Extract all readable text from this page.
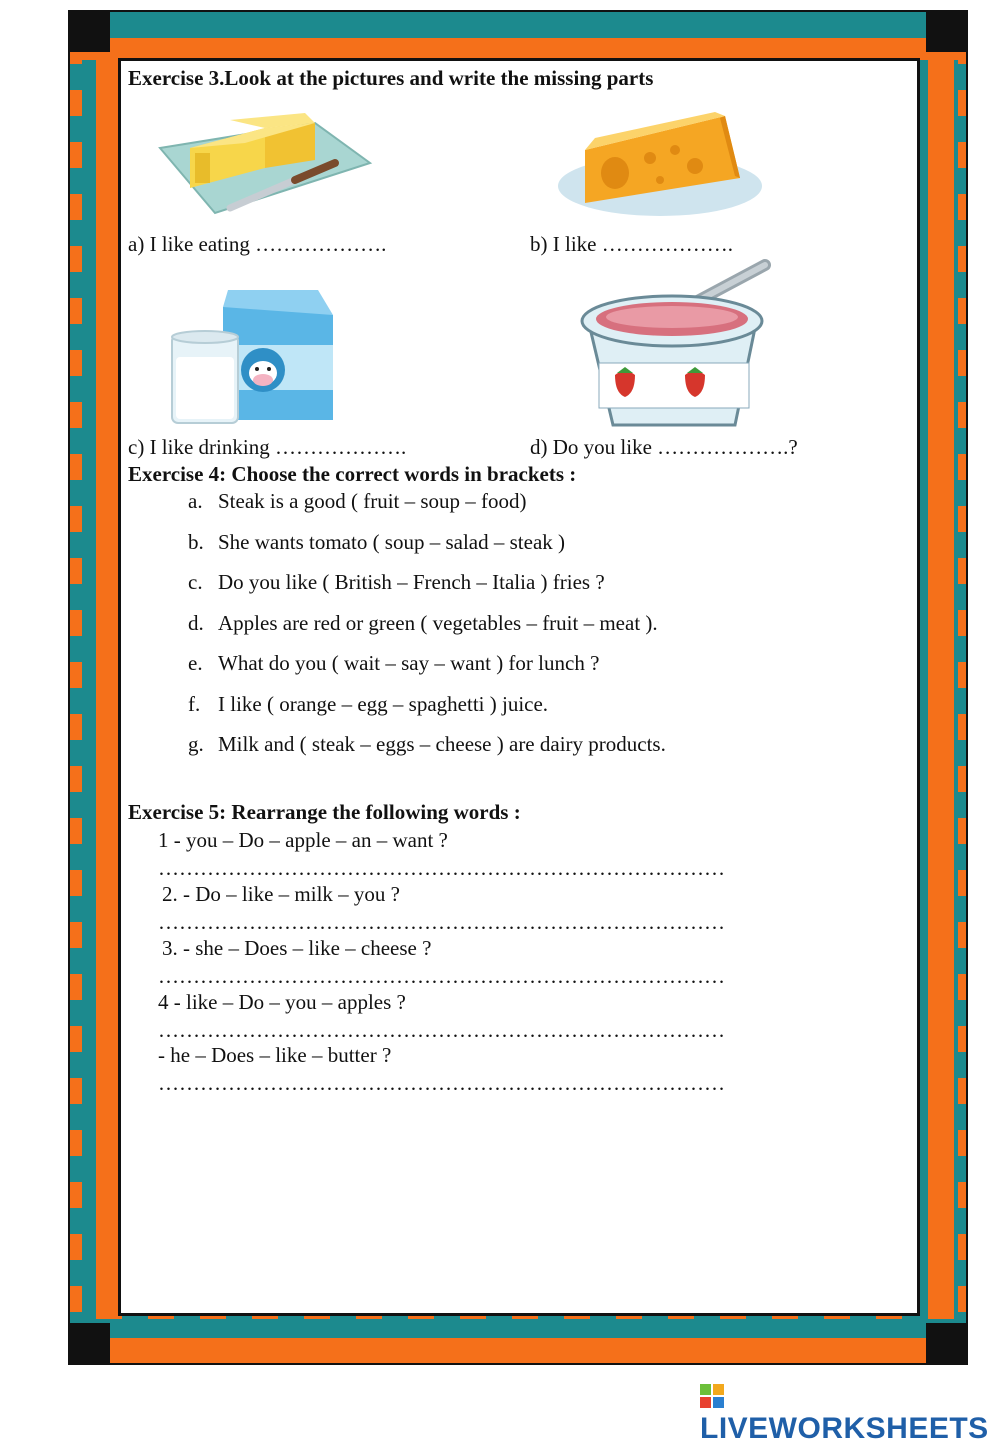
Exercise 3.Look at the pictures and write the missing parts
a) I like eating ……………….	b) I like ……………….
c) I like drinking ……………….	d) Do you like ……………….?
Exercise 4: Choose the correct words in brackets :
a. Steak is a good ( fruit – soup – food)
b. She wants tomato ( soup – salad – steak )
c. Do you like ( British – French – Italia ) fries ?
d. Apples are red or green ( vegetables – fruit – meat ).
e. What do you ( wait – say – want ) for lunch ?
f. I like ( orange – egg – spaghetti ) juice.
g. Milk and ( steak – eggs – cheese ) are dairy products.
Exercise 5: Rearrange the following words :
1 - you – Do – apple – an – want ?
………………………………………………………………………
2. - Do – like – milk – you ?
………………………………………………………………………
3. - she – Does – like – cheese ?
………………………………………………………………………
4 - like – Do – you – apples ?
………………………………………………………………………
- he – Does – like – butter ?
………………………………………………………………………
LIVEWORKSHEETS
